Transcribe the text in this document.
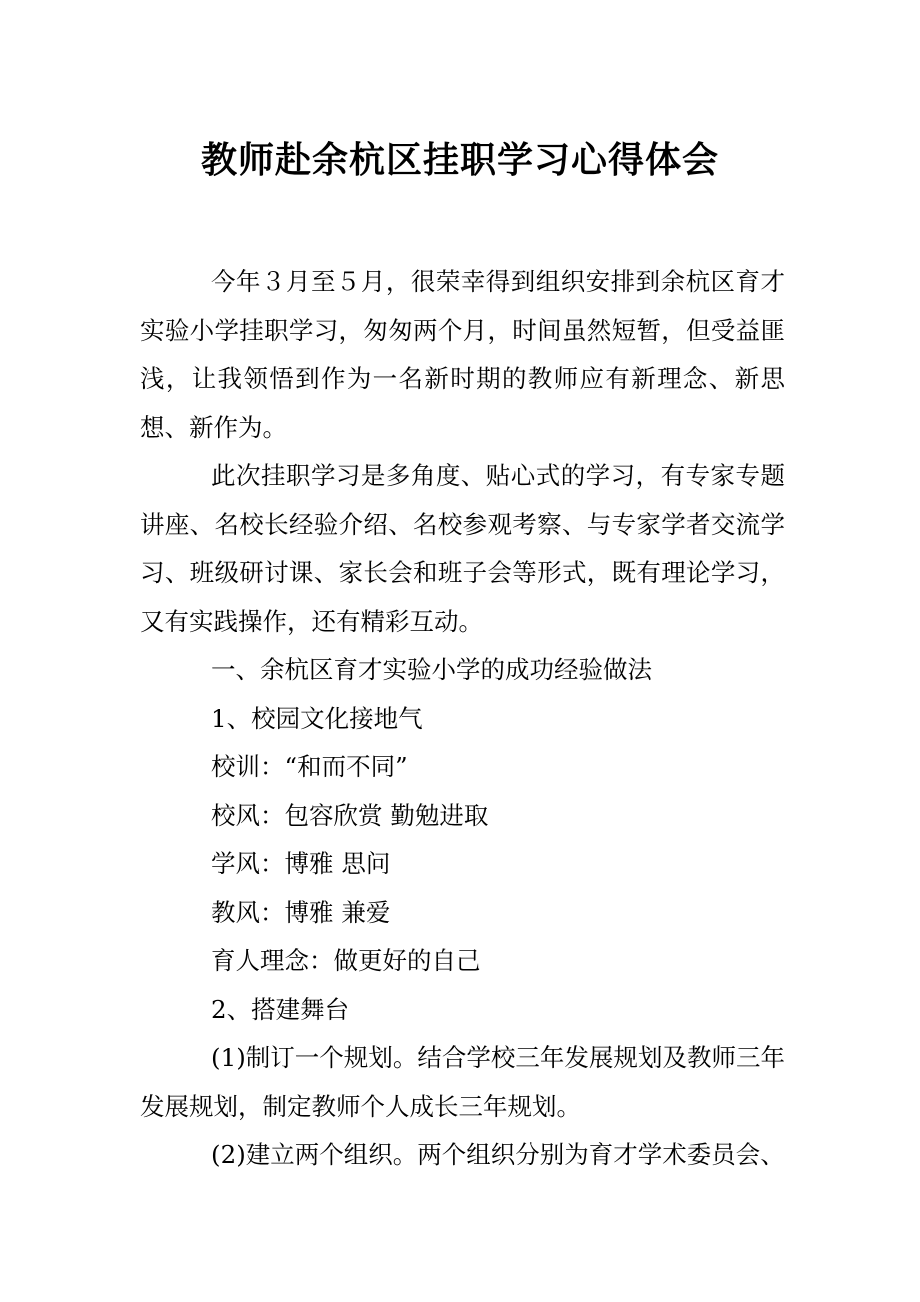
教师赴余杭区挂职学习心得体会

今年３月至５月，很荣幸得到组织安排到余杭区育才实验小学挂职学习，匆匆两个月，时间虽然短暂，但受益匪浅，让我领悟到作为一名新时期的教师应有新理念、新思想、新作为。

此次挂职学习是多角度、贴心式的学习，有专家专题讲座、名校长经验介绍、名校参观考察、与专家学者交流学习、班级研讨课、家长会和班子会等形式，既有理论学习，又有实践操作，还有精彩互动。

一、余杭区育才实验小学的成功经验做法

1、校园文化接地气

校训：“和而不同”

校风：包容欣赏 勤勉进取

学风：博雅 思问

教风：博雅 兼爱

育人理念：做更好的自己

2、搭建舞台

(1)制订一个规划。结合学校三年发展规划及教师三年发展规划，制定教师个人成长三年规划。

(2)建立两个组织。两个组织分别为育才学术委员会、
